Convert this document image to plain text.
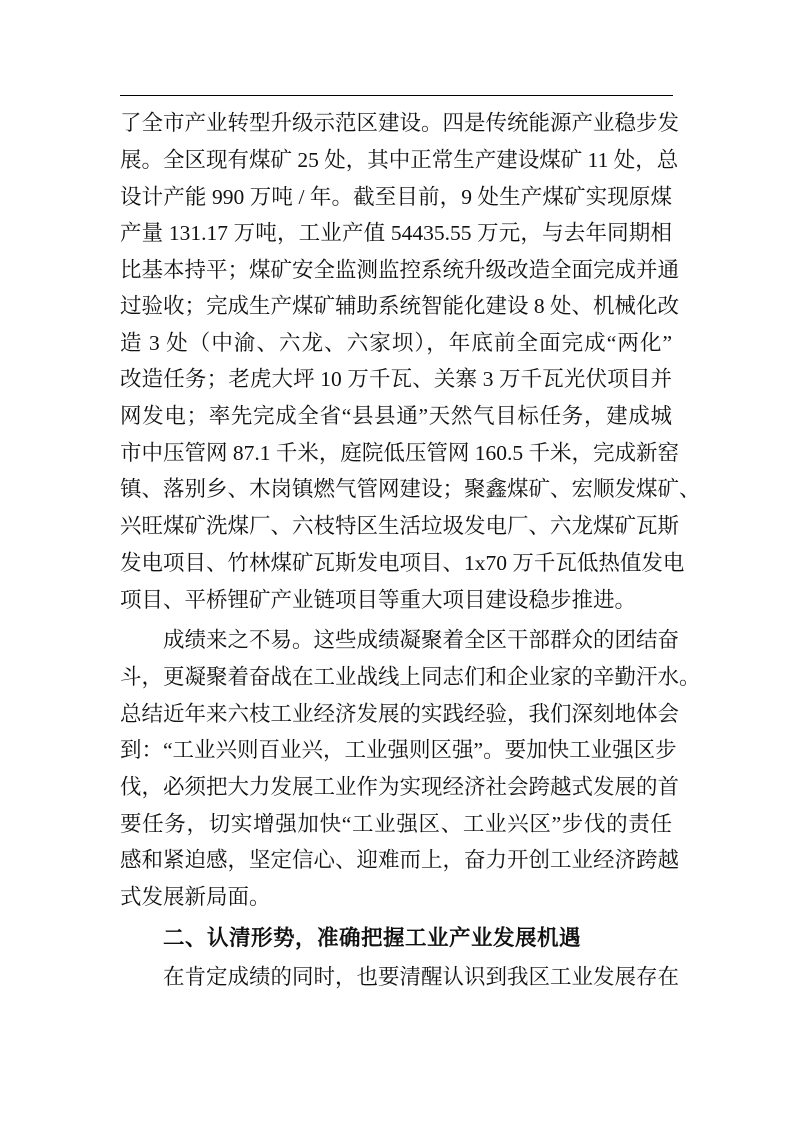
了全市产业转型升级示范区建设。四是传统能源产业稳步发
展。全区现有煤矿 25 处，其中正常生产建设煤矿 11 处，总
设计产能 990 万吨 / 年。截至目前，9 处生产煤矿实现原煤
产量 131.17 万吨，工业产值 54435.55 万元，与去年同期相
比基本持平；煤矿安全监测监控系统升级改造全面完成并通
过验收；完成生产煤矿辅助系统智能化建设 8 处、机械化改
造 3 处（中渝、六龙、六家坝），年底前全面完成“两化”
改造任务；老虎大坪 10 万千瓦、关寨 3 万千瓦光伏项目并
网发电；率先完成全省“县县通”天然气目标任务，建成城
市中压管网 87.1 千米，庭院低压管网 160.5 千米，完成新窑
镇、落别乡、木岗镇燃气管网建设；聚鑫煤矿、宏顺发煤矿、
兴旺煤矿洗煤厂、六枝特区生活垃圾发电厂、六龙煤矿瓦斯
发电项目、竹林煤矿瓦斯发电项目、1x70 万千瓦低热值发电
项目、平桥锂矿产业链项目等重大项目建设稳步推进。
成绩来之不易。这些成绩凝聚着全区干部群众的团结奋
斗，更凝聚着奋战在工业战线上同志们和企业家的辛勤汗水。
总结近年来六枝工业经济发展的实践经验，我们深刻地体会
到：“工业兴则百业兴，工业强则区强”。要加快工业强区步
伐，必须把大力发展工业作为实现经济社会跨越式发展的首
要任务，切实增强加快“工业强区、工业兴区”步伐的责任
感和紧迫感，坚定信心、迎难而上，奋力开创工业经济跨越
式发展新局面。
二、认清形势，准确把握工业产业发展机遇
在肯定成绩的同时，也要清醒认识到我区工业发展存在
